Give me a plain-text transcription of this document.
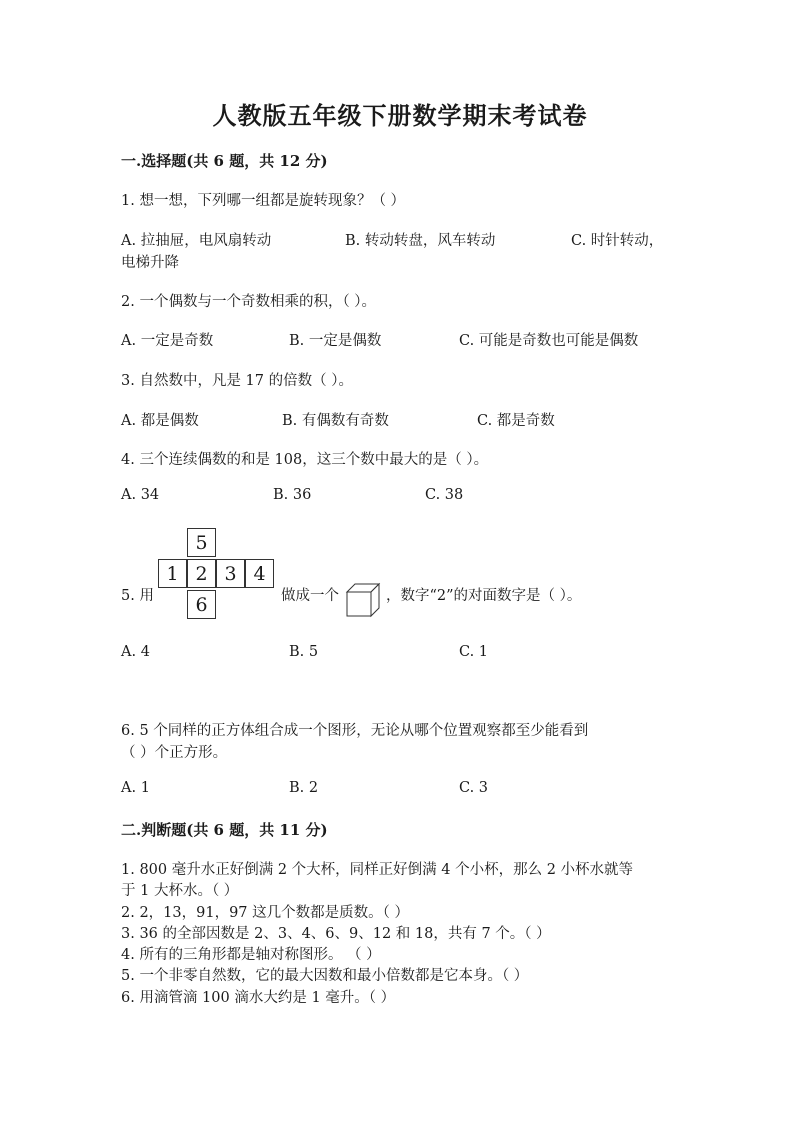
人教版五年级下册数学期末考试卷
一.选择题(共 6 题，共 12 分)
1. 想一想，下列哪一组都是旋转现象？（ ）
A. 拉抽屉，电风扇转动	B. 转动转盘，风车转动	C. 时针转动，
电梯升降
2. 一个偶数与一个奇数相乘的积，（ ）。
A. 一定是奇数	B. 一定是偶数	C. 可能是奇数也可能是偶数
3. 自然数中，凡是 17 的倍数（ ）。
A. 都是偶数	B. 有偶数有奇数	C. 都是奇数
4. 三个连续偶数的和是 108，这三个数中最大的是（ ）。
A. 34	B. 36	C. 38
5. 用
5
1 2 3 4
6	做成一个	，数字“2”的对面数字是（ ）。
A. 4	B. 5	C. 1
6. 5 个同样的正方体组合成一个图形，无论从哪个位置观察都至少能看到
（ ）个正方形。
A. 1	B. 2	C. 3
二.判断题(共 6 题，共 11 分)
1. 800 毫升水正好倒满 2 个大杯，同样正好倒满 4 个小杯，那么 2 小杯水就等
于 1 大杯水。（ ）
2. 2，13，91，97 这几个数都是质数。（ ）
3. 36 的全部因数是 2、3、4、6、9、12 和 18，共有 7 个。（ ）
4. 所有的三角形都是轴对称图形。 （ ）
5. 一个非零自然数，它的最大因数和最小倍数都是它本身。（ ）
6. 用滴管滴 100 滴水大约是 1 毫升。（ ）
